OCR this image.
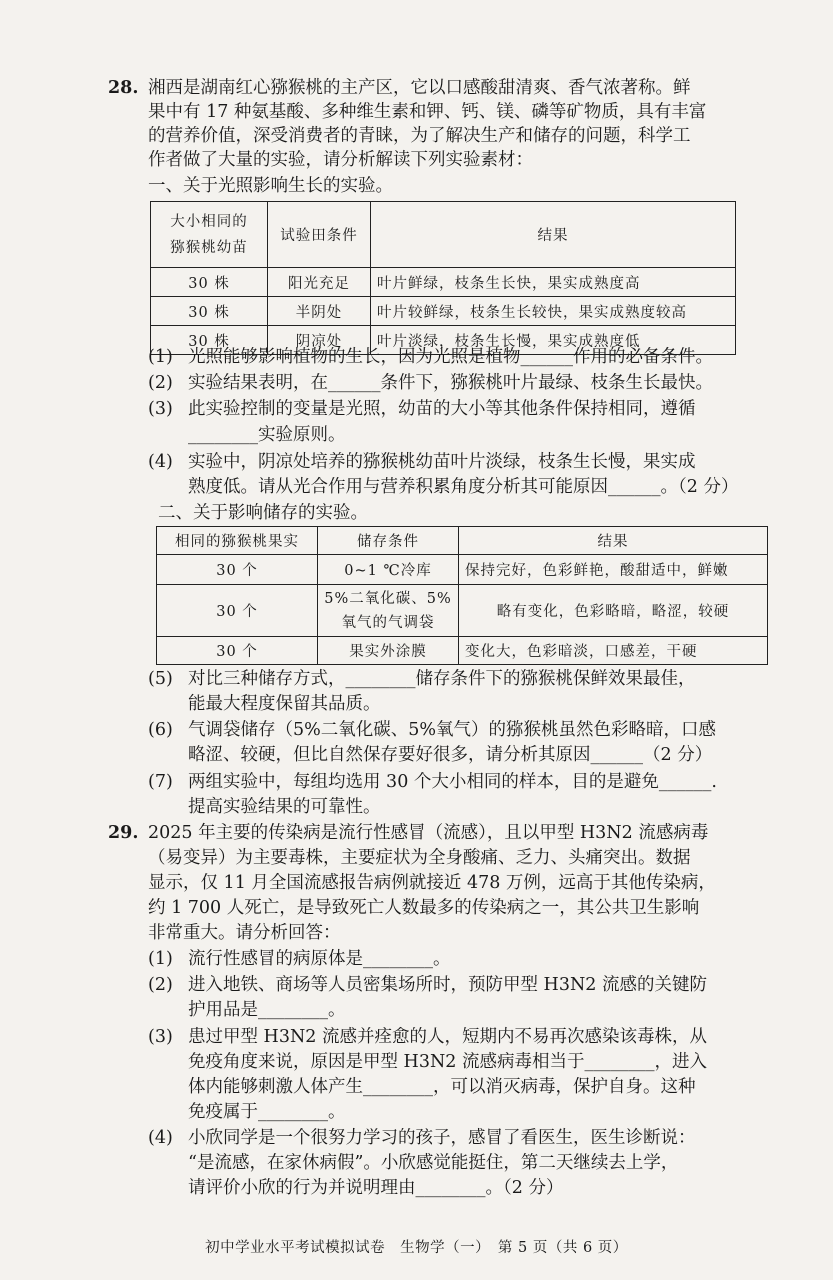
28. 湘西是湖南红心猕猴桃的主产区，它以口感酸甜清爽、香气浓著称。鲜
果中有 17 种氨基酸、多种维生素和钾、钙、镁、磷等矿物质，具有丰富
的营养价值，深受消费者的青睐，为了解决生产和储存的问题，科学工
作者做了大量的实验，请分析解读下列实验素材：
一、关于光照影响生长的实验。
大小相同的
猕猴桃幼苗	试验田条件	结果
30 株	阳光充足	叶片鲜绿，枝条生长快，果实成熟度高
30 株	半阴处	叶片较鲜绿，枝条生长较快，果实成熟度较高
30 株	阴凉处	叶片淡绿，枝条生长慢，果实成熟度低
(1) 光照能够影响植物的生长，因为光照是植物______作用的必备条件。
(2) 实验结果表明，在______条件下，猕猴桃叶片最绿、枝条生长最快。
(3) 此实验控制的变量是光照，幼苗的大小等其他条件保持相同，遵循
________实验原则。
(4) 实验中，阴凉处培养的猕猴桃幼苗叶片淡绿，枝条生长慢，果实成
熟度低。请从光合作用与营养积累角度分析其可能原因______。（2 分）
二、关于影响储存的实验。
相同的猕猴桃果实	储存条件	结果
30 个	0~1 ℃冷库	保持完好，色彩鲜艳，酸甜适中，鲜嫩
30 个	5%二氧化碳、5%
氧气的气调袋	略有变化，色彩略暗，略涩，较硬
30 个	果实外涂膜	变化大，色彩暗淡，口感差，干硬
(5) 对比三种储存方式，________储存条件下的猕猴桃保鲜效果最佳，
能最大程度保留其品质。
(6) 气调袋储存（5%二氧化碳、5%氧气）的猕猴桃虽然色彩略暗，口感
略涩、较硬，但比自然保存要好很多，请分析其原因______（2 分）
(7) 两组实验中，每组均选用 30 个大小相同的样本，目的是避免______.
提高实验结果的可靠性。
29. 2025 年主要的传染病是流行性感冒（流感），且以甲型 H3N2 流感病毒
（易变异）为主要毒株，主要症状为全身酸痛、乏力、头痛突出。数据
显示，仅 11 月全国流感报告病例就接近 478 万例，远高于其他传染病，
约 1 700 人死亡，是导致死亡人数最多的传染病之一，其公共卫生影响
非常重大。请分析回答：
(1) 流行性感冒的病原体是________。
(2) 进入地铁、商场等人员密集场所时，预防甲型 H3N2 流感的关键防
护用品是________。
(3) 患过甲型 H3N2 流感并痊愈的人，短期内不易再次感染该毒株，从
免疫角度来说，原因是甲型 H3N2 流感病毒相当于________，进入
体内能够刺激人体产生________，可以消灭病毒，保护自身。这种
免疫属于________。
(4) 小欣同学是一个很努力学习的孩子，感冒了看医生，医生诊断说：
“是流感，在家休病假”。小欣感觉能挺住，第二天继续去上学，
请评价小欣的行为并说明理由________。（2 分）
初中学业水平考试模拟试卷　生物学（一）　第 5 页（共 6 页）
